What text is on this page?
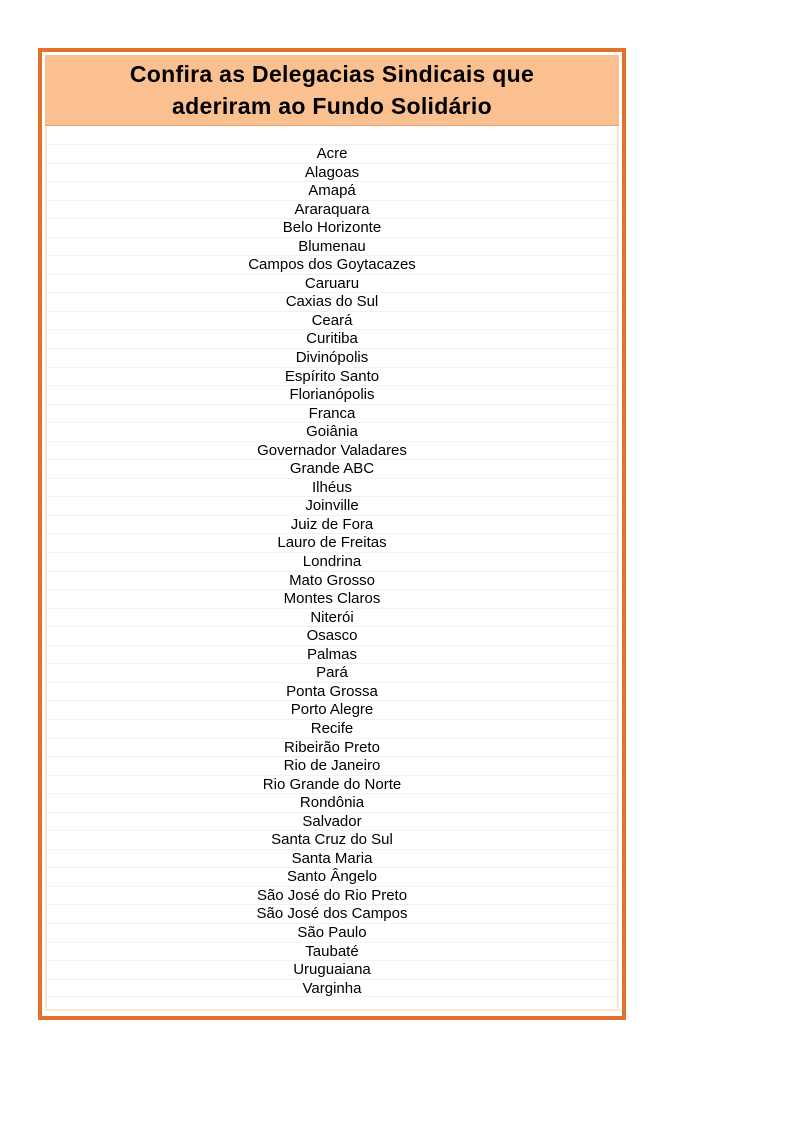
Confira as Delegacias Sindicais que
aderiram ao Fundo Solidário
Acre
Alagoas
Amapá
Araraquara
Belo Horizonte
Blumenau
Campos dos Goytacazes
Caruaru
Caxias do Sul
Ceará
Curitiba
Divinópolis
Espírito Santo
Florianópolis
Franca
Goiânia
Governador Valadares
Grande ABC
Ilhéus
Joinville
Juiz de Fora
Lauro de Freitas
Londrina
Mato Grosso
Montes Claros
Niterói
Osasco
Palmas
Pará
Ponta Grossa
Porto Alegre
Recife
Ribeirão Preto
Rio de Janeiro
Rio Grande do Norte
Rondônia
Salvador
Santa Cruz do Sul
Santa Maria
Santo Ângelo
São José do Rio Preto
São José dos Campos
São Paulo
Taubaté
Uruguaiana
Varginha
